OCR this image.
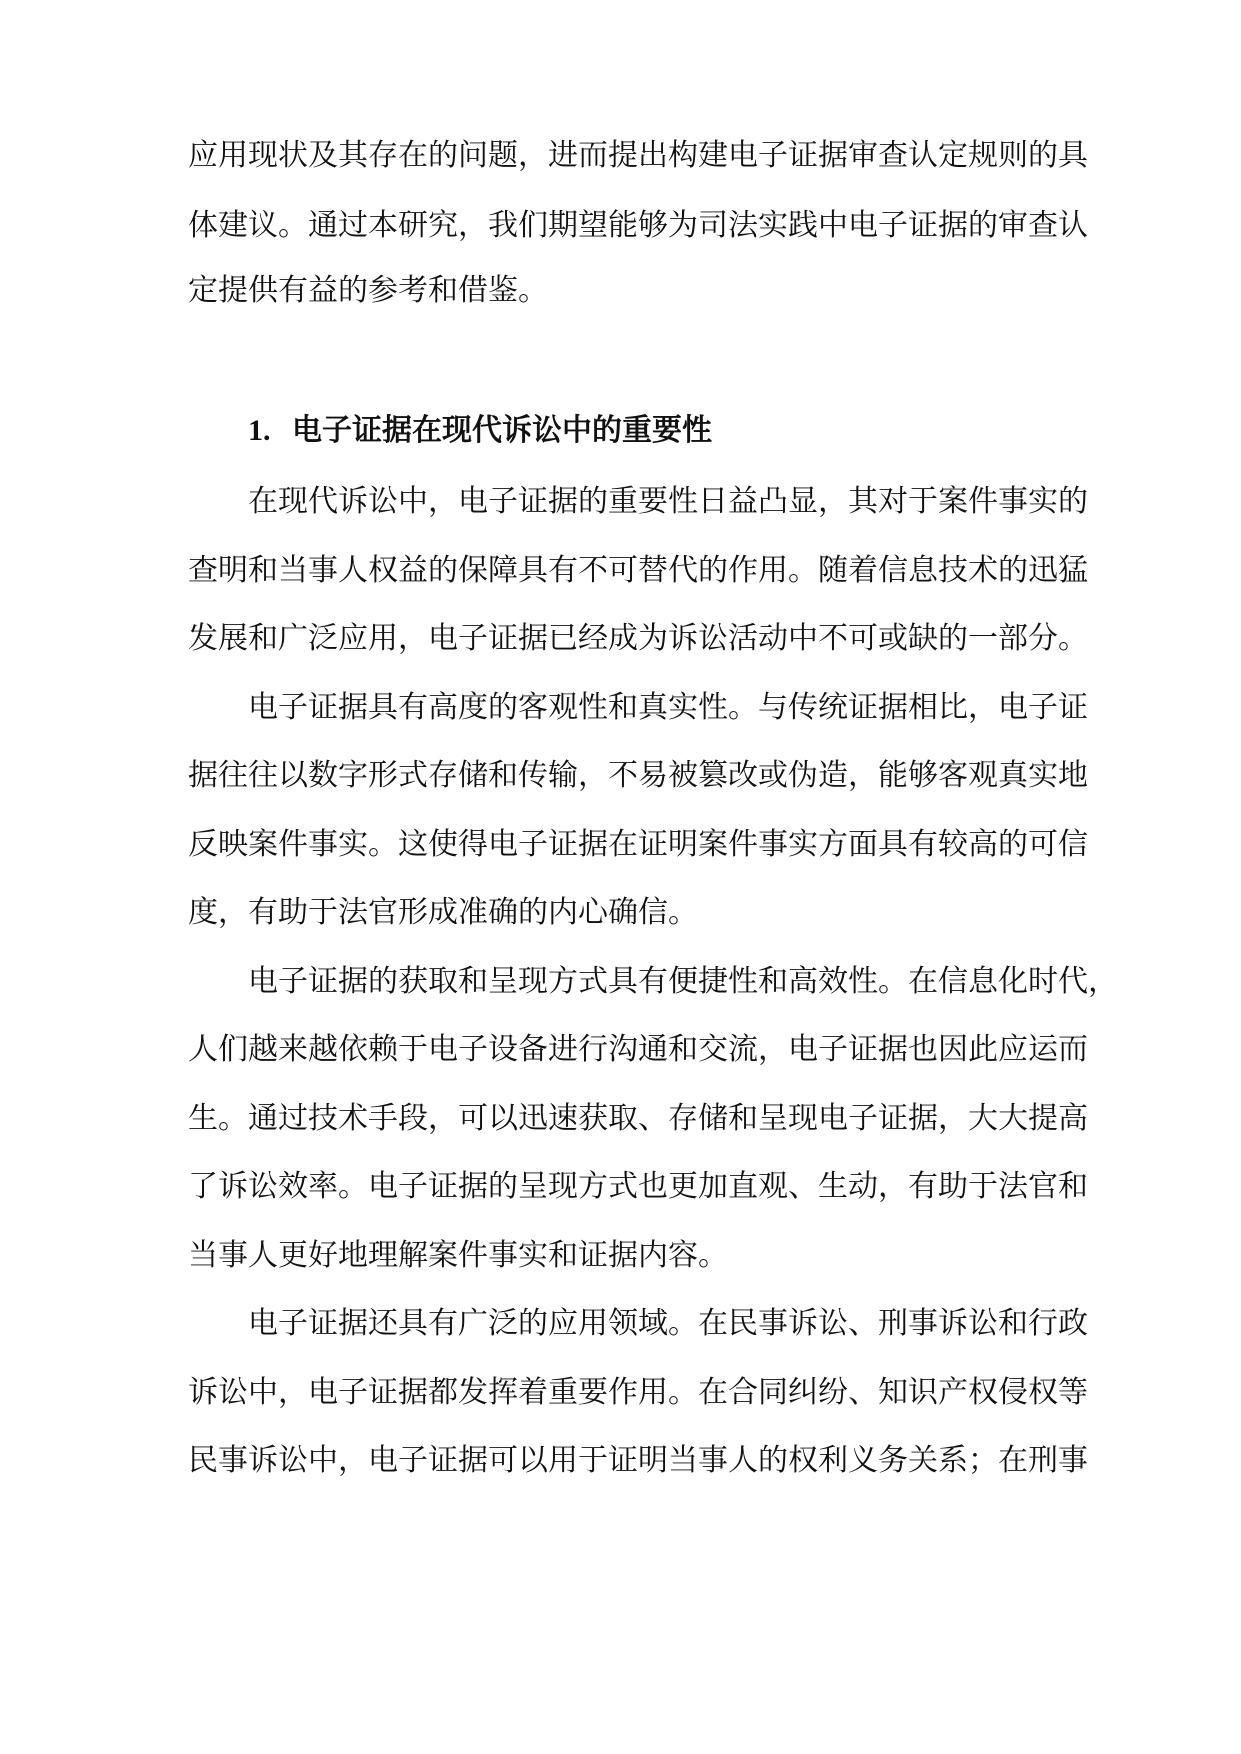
应用现状及其存在的问题，进而提出构建电子证据审查认定规则的具
体建议。通过本研究，我们期望能够为司法实践中电子证据的审查认
定提供有益的参考和借鉴。
1. 电子证据在现代诉讼中的重要性
在现代诉讼中，电子证据的重要性日益凸显，其对于案件事实的
查明和当事人权益的保障具有不可替代的作用。随着信息技术的迅猛
发展和广泛应用，电子证据已经成为诉讼活动中不可或缺的一部分。
电子证据具有高度的客观性和真实性。与传统证据相比，电子证
据往往以数字形式存储和传输，不易被篡改或伪造，能够客观真实地
反映案件事实。这使得电子证据在证明案件事实方面具有较高的可信
度，有助于法官形成准确的内心确信。
电子证据的获取和呈现方式具有便捷性和高效性。在信息化时代，
人们越来越依赖于电子设备进行沟通和交流，电子证据也因此应运而
生。通过技术手段，可以迅速获取、存储和呈现电子证据，大大提高
了诉讼效率。电子证据的呈现方式也更加直观、生动，有助于法官和
当事人更好地理解案件事实和证据内容。
电子证据还具有广泛的应用领域。在民事诉讼、刑事诉讼和行政
诉讼中，电子证据都发挥着重要作用。在合同纠纷、知识产权侵权等
民事诉讼中，电子证据可以用于证明当事人的权利义务关系；在刑事
